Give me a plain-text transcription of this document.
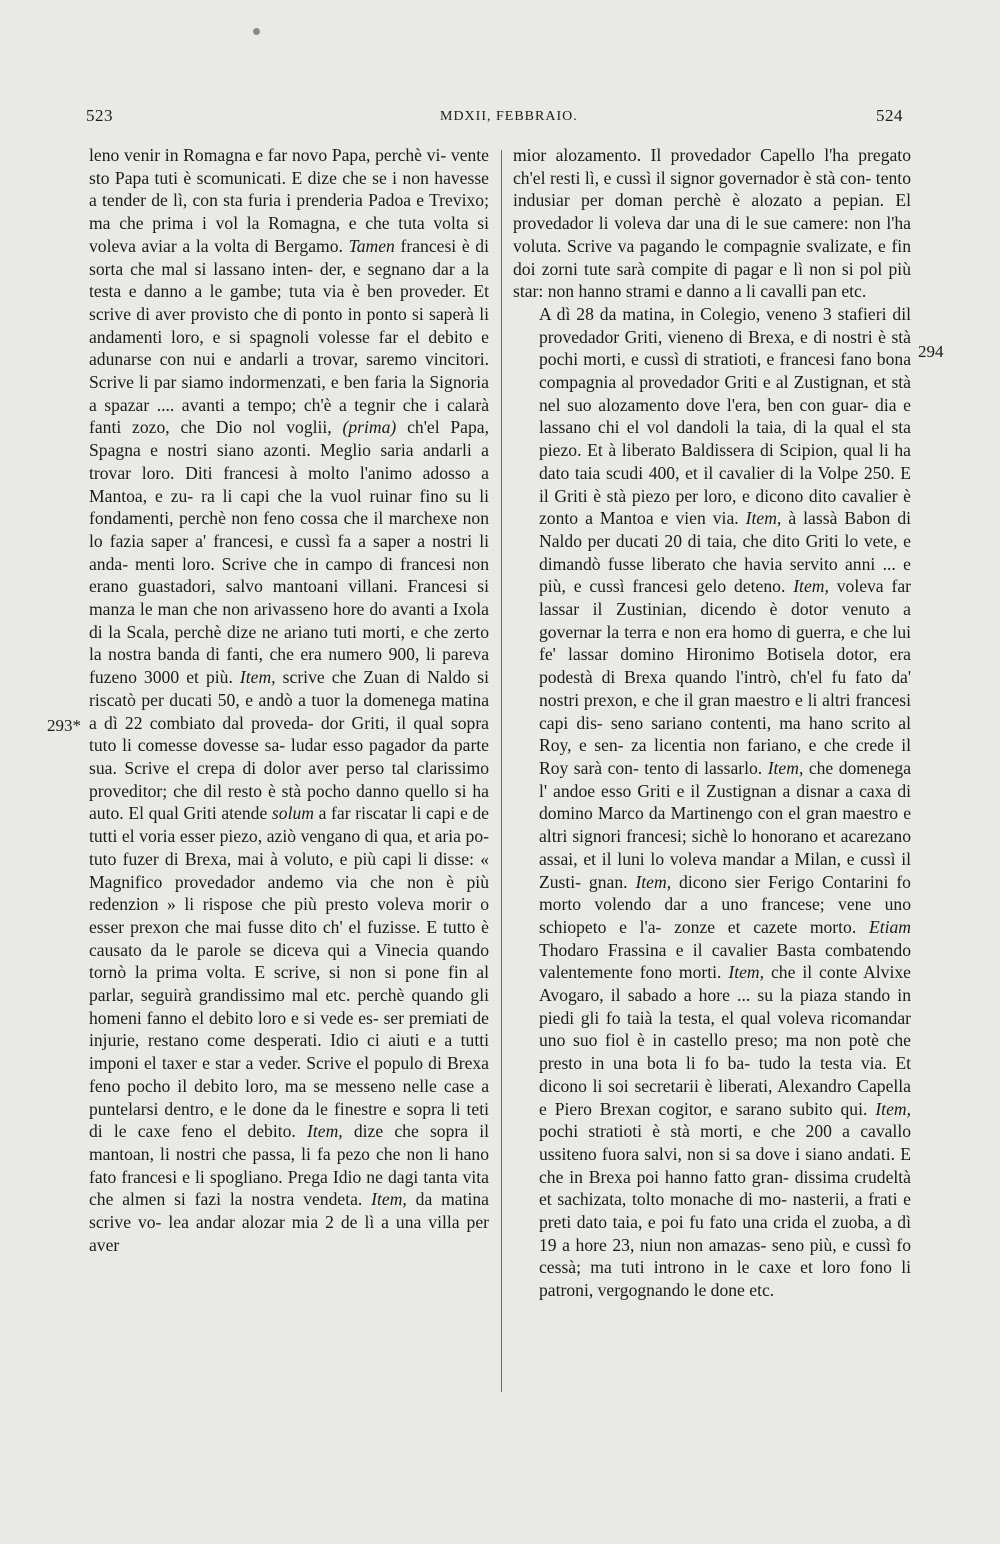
523	MDXII, FEBBRAIO.	524
293*
294

leno venir in Romagna e far novo Papa, perchè vi- vente sto Papa tuti è scomunicati. E dize che se i non havesse a tender de lì, con sta furia i prenderia Padoa e Trevixo; ma che prima i vol la Romagna, e che tuta volta si voleva aviar a la volta di Bergamo. Tamen francesi è di sorta che mal si lassano inten- der, e segnano dar a la testa e danno a le gambe; tuta via è ben proveder. Et scrive di aver provisto che di ponto in ponto si saperà li andamenti loro, e si spagnoli volesse far el debito e adunarse con nui e andarli a trovar, saremo vincitori. Scrive li par siamo indormenzati, e ben faria la Signoria a spazar .... avanti a tempo; ch'è a tegnir che i calarà fanti zozo, che Dio nol voglii, (prima) ch'el Papa, Spagna e nostri siano azonti. Meglio saria andarli a trovar loro. Diti francesi à molto l'animo adosso a Mantoa, e zu- ra li capi che la vuol ruinar fino su li fondamenti, perchè non feno cossa che il marchexe non lo fazia saper a' francesi, e cussì fa a saper a nostri li anda- menti loro. Scrive che in campo di francesi non erano guastadori, salvo mantoani villani. Francesi si manza le man che non arivasseno hore do avanti a Ixola di la Scala, perchè dize ne ariano tuti morti, e che zerto la nostra banda di fanti, che era numero 900, li pareva fuzeno 3000 et più. Item, scrive che Zuan di Naldo si riscatò per ducati 50, e andò a tuor la domenega matina a dì 22 combiato dal proveda- dor Griti, il qual sopra tuto li comesse dovesse sa- ludar esso pagador da parte sua. Scrive el crepa di dolor aver perso tal clarissimo proveditor; che dil resto è stà pocho danno quello si ha auto. El qual Griti atende solum a far riscatar li capi e de tutti el voria esser piezo, aziò vengano di qua, et aria po- tuto fuzer di Brexa, mai à voluto, e più capi li disse: « Magnifico provedador andemo via che non è più redenzion » li rispose che più presto voleva morir o esser prexon che mai fusse dito ch' el fuzisse. E tutto è causato da le parole se diceva qui a Vinecia quando tornò la prima volta. E scrive, si non si pone fin al parlar, seguirà grandissimo mal etc. perchè quando gli homeni fanno el debito loro e si vede es- ser premiati de injurie, restano come desperati. Idio ci aiuti e a tutti imponi el taxer e star a veder. Scrive el populo di Brexa feno pocho il debito loro, ma se messeno nelle case a puntelarsi dentro, e le done da le finestre e sopra li teti di le caxe feno el debito. Item, dize che sopra il mantoan, li nostri che passa, li fa pezo che non li hano fato francesi e li spogliano. Prega Idio ne dagi tanta vita che almen si fazi la nostra vendeta. Item, da matina scrive vo- lea andar alozar mia 2 de lì a una villa per aver

mior alozamento. Il provedador Capello l'ha pregato ch'el resti lì, e cussì il signor governador è stà con- tento indusiar per doman perchè è alozato a pepian. El provedador li voleva dar una di le sue camere: non l'ha voluta. Scrive va pagando le compagnie svalizate, e fin doi zorni tute sarà compite di pagar e lì non si pol più star: non hanno strami e danno a li cavalli pan etc.

A dì 28 da matina, in Colegio, veneno 3 stafieri dil provedador Griti, vieneno di Brexa, e di nostri è stà pochi morti, e cussì di stratioti, e francesi fano bona compagnia al provedador Griti e al Zustignan, et stà nel suo alozamento dove l'era, ben con guar- dia e lassano chi el vol dandoli la taia, di la qual el sta piezo. Et à liberato Baldissera di Scipion, qual li ha dato taia scudi 400, et il cavalier di la Volpe 250. E il Griti è stà piezo per loro, e dicono dito cavalier è zonto a Mantoa e vien via. Item, à lassà Babon di Naldo per ducati 20 di taia, che dito Griti lo vete, e dimandò fusse liberato che havia servito anni ... e più, e cussì francesi gelo deteno. Item, voleva far lassar il Zustinian, dicendo è dotor venuto a governar la terra e non era homo di guerra, e che lui fe' lassar domino Hironimo Botisela dotor, era podestà di Brexa quando l'intrò, ch'el fu fato da' nostri prexon, e che il gran maestro e li altri francesi capi dis- seno sariano contenti, ma hano scrito al Roy, e sen- za licentia non fariano, e che crede il Roy sarà con- tento di lassarlo. Item, che domenega l' andoe esso Griti e il Zustignan a disnar a caxa di domino Marco da Martinengo con el gran maestro e altri signori francesi; sichè lo honorano et acarezano assai, et il luni lo voleva mandar a Milan, e cussì il Zusti- gnan. Item, dicono sier Ferigo Contarini fo morto volendo dar a uno francese; vene uno schiopeto e l'a- zonze et cazete morto. Etiam Thodaro Frassina e il cavalier Basta combatendo valentemente fono morti. Item, che il conte Alvixe Avogaro, il sabado a hore ... su la piaza stando in piedi gli fo taià la testa, el qual voleva ricomandar uno suo fiol è in castello preso; ma non potè che presto in una bota li fo ba- tudo la testa via. Et dicono li soi secretarii è liberati, Alexandro Capella e Piero Brexan cogitor, e sarano subito qui. Item, pochi stratioti è stà morti, e che 200 a cavallo ussiteno fuora salvi, non si sa dove i siano andati. E che in Brexa poi hanno fatto gran- dissima crudeltà et sachizata, tolto monache di mo- nasterii, a frati e preti dato taia, e poi fu fato una crida el zuoba, a dì 19 a hore 23, niun non amazas- seno più, e cussì fo cessà; ma tuti introno in le caxe et loro fono li patroni, vergognando le done etc.
